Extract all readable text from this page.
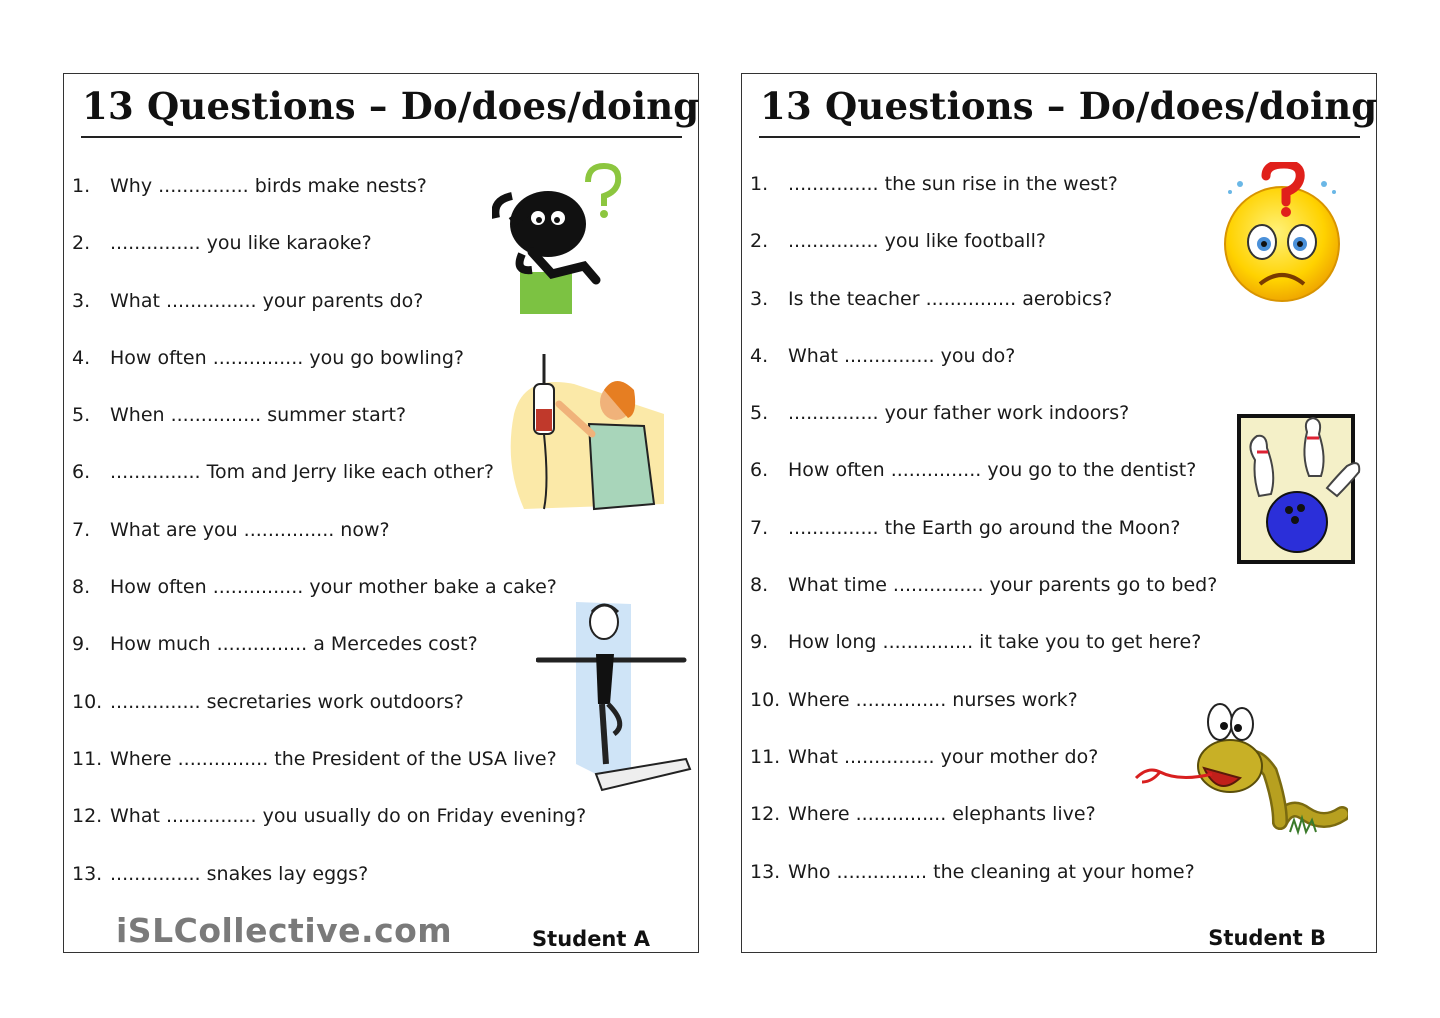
13 Questions – Do/does/doing
1.	Why ............... birds make nests?
2.	............... you like karaoke?
3.	What ............... your parents do?
4.	How often ............... you go bowling?
5.	When ............... summer start?
6.	............... Tom and Jerry like each other?
7.	What are you ............... now?
8.	How often ............... your mother bake a cake?
9.	How much ............... a Mercedes cost?
10. ............... secretaries work outdoors?
11. Where ............... the President of the USA live?
12. What ............... you usually do on Friday evening?
13. ............... snakes lay eggs?
iSLCollective.com	Student A
13 Questions – Do/does/doing
1.	............... the sun rise in the west?
2.	............... you like football?
3.	Is the teacher ............... aerobics?
4.	What ............... you do?
5.	............... your father work indoors?
6.	How often ............... you go to the dentist?
7.	............... the Earth go around the Moon?
8.	What time ............... your parents go to bed?
9.	How long ............... it take you to get here?
10. Where ............... nurses work?
11. What ............... your mother do?
12. Where ............... elephants live?
13. Who ............... the cleaning at your home?
Student B
